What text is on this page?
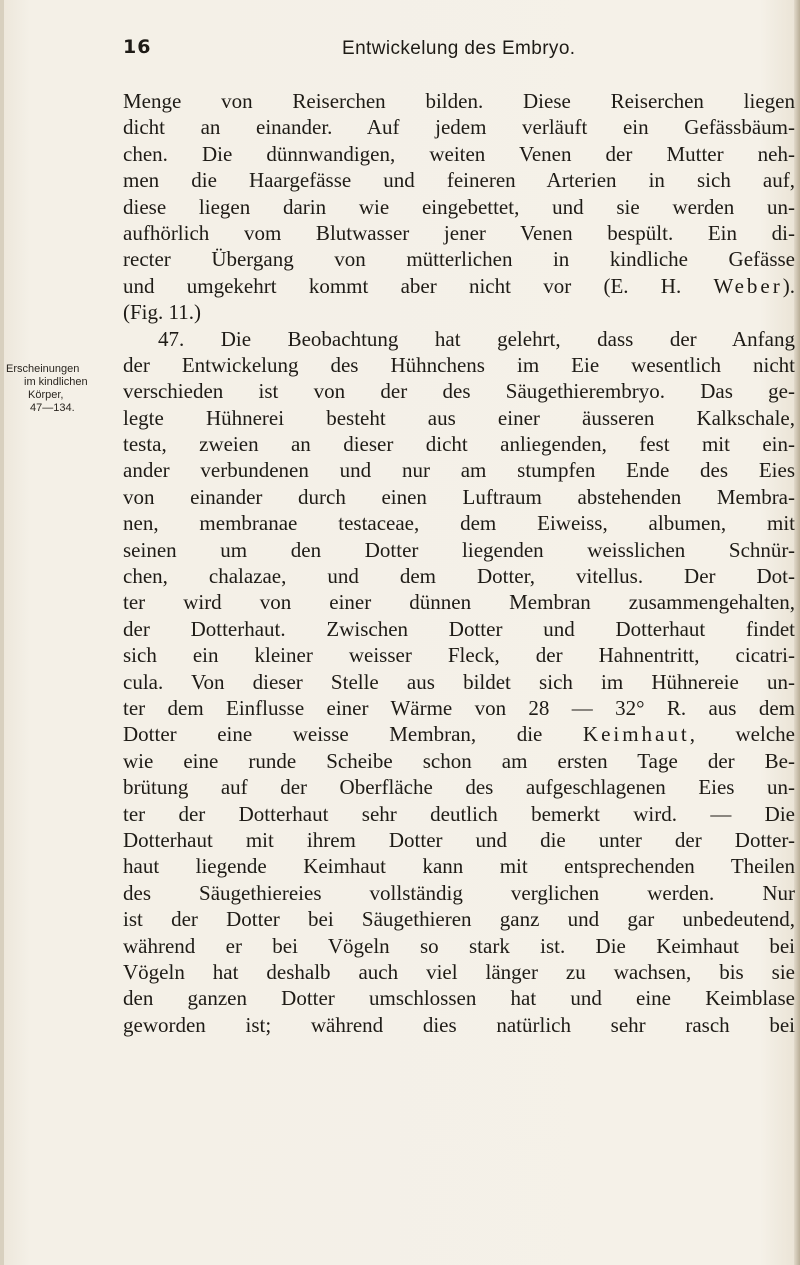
16	Entwickelung des Embryo.
Erscheinungen
im kindlichen
Körper,
47—134.
Menge von Reiserchen bilden. Diese Reiserchen liegen
dicht an einander. Auf jedem verläuft ein Gefässbäum-
chen. Die dünnwandigen, weiten Venen der Mutter neh-
men die Haargefässe und feineren Arterien in sich auf,
diese liegen darin wie eingebettet, und sie werden un-
aufhörlich vom Blutwasser jener Venen bespült. Ein di-
recter Übergang von mütterlichen in kindliche Gefässe
und umgekehrt kommt aber nicht vor (E. H. Weber).
(Fig. 11.)
47. Die Beobachtung hat gelehrt, dass der Anfang
der Entwickelung des Hühnchens im Eie wesentlich nicht
verschieden ist von der des Säugethierembryo. Das ge-
legte Hühnerei besteht aus einer äusseren Kalkschale,
testa, zweien an dieser dicht anliegenden, fest mit ein-
ander verbundenen und nur am stumpfen Ende des Eies
von einander durch einen Luftraum abstehenden Membra-
nen, membranae testaceae, dem Eiweiss, albumen, mit
seinen um den Dotter liegenden weisslichen Schnür-
chen, chalazae, und dem Dotter, vitellus. Der Dot-
ter wird von einer dünnen Membran zusammengehalten,
der Dotterhaut. Zwischen Dotter und Dotterhaut findet
sich ein kleiner weisser Fleck, der Hahnentritt, cicatri-
cula. Von dieser Stelle aus bildet sich im Hühnereie un-
ter dem Einflusse einer Wärme von 28 — 32° R. aus dem
Dotter eine weisse Membran, die Keimhaut, welche
wie eine runde Scheibe schon am ersten Tage der Be-
brütung auf der Oberfläche des aufgeschlagenen Eies un-
ter der Dotterhaut sehr deutlich bemerkt wird. — Die
Dotterhaut mit ihrem Dotter und die unter der Dotter-
haut liegende Keimhaut kann mit entsprechenden Theilen
des Säugethiereies vollständig verglichen werden. Nur
ist der Dotter bei Säugethieren ganz und gar unbedeutend,
während er bei Vögeln so stark ist. Die Keimhaut bei
Vögeln hat deshalb auch viel länger zu wachsen, bis sie
den ganzen Dotter umschlossen hat und eine Keimblase
geworden ist; während dies natürlich sehr rasch bei
